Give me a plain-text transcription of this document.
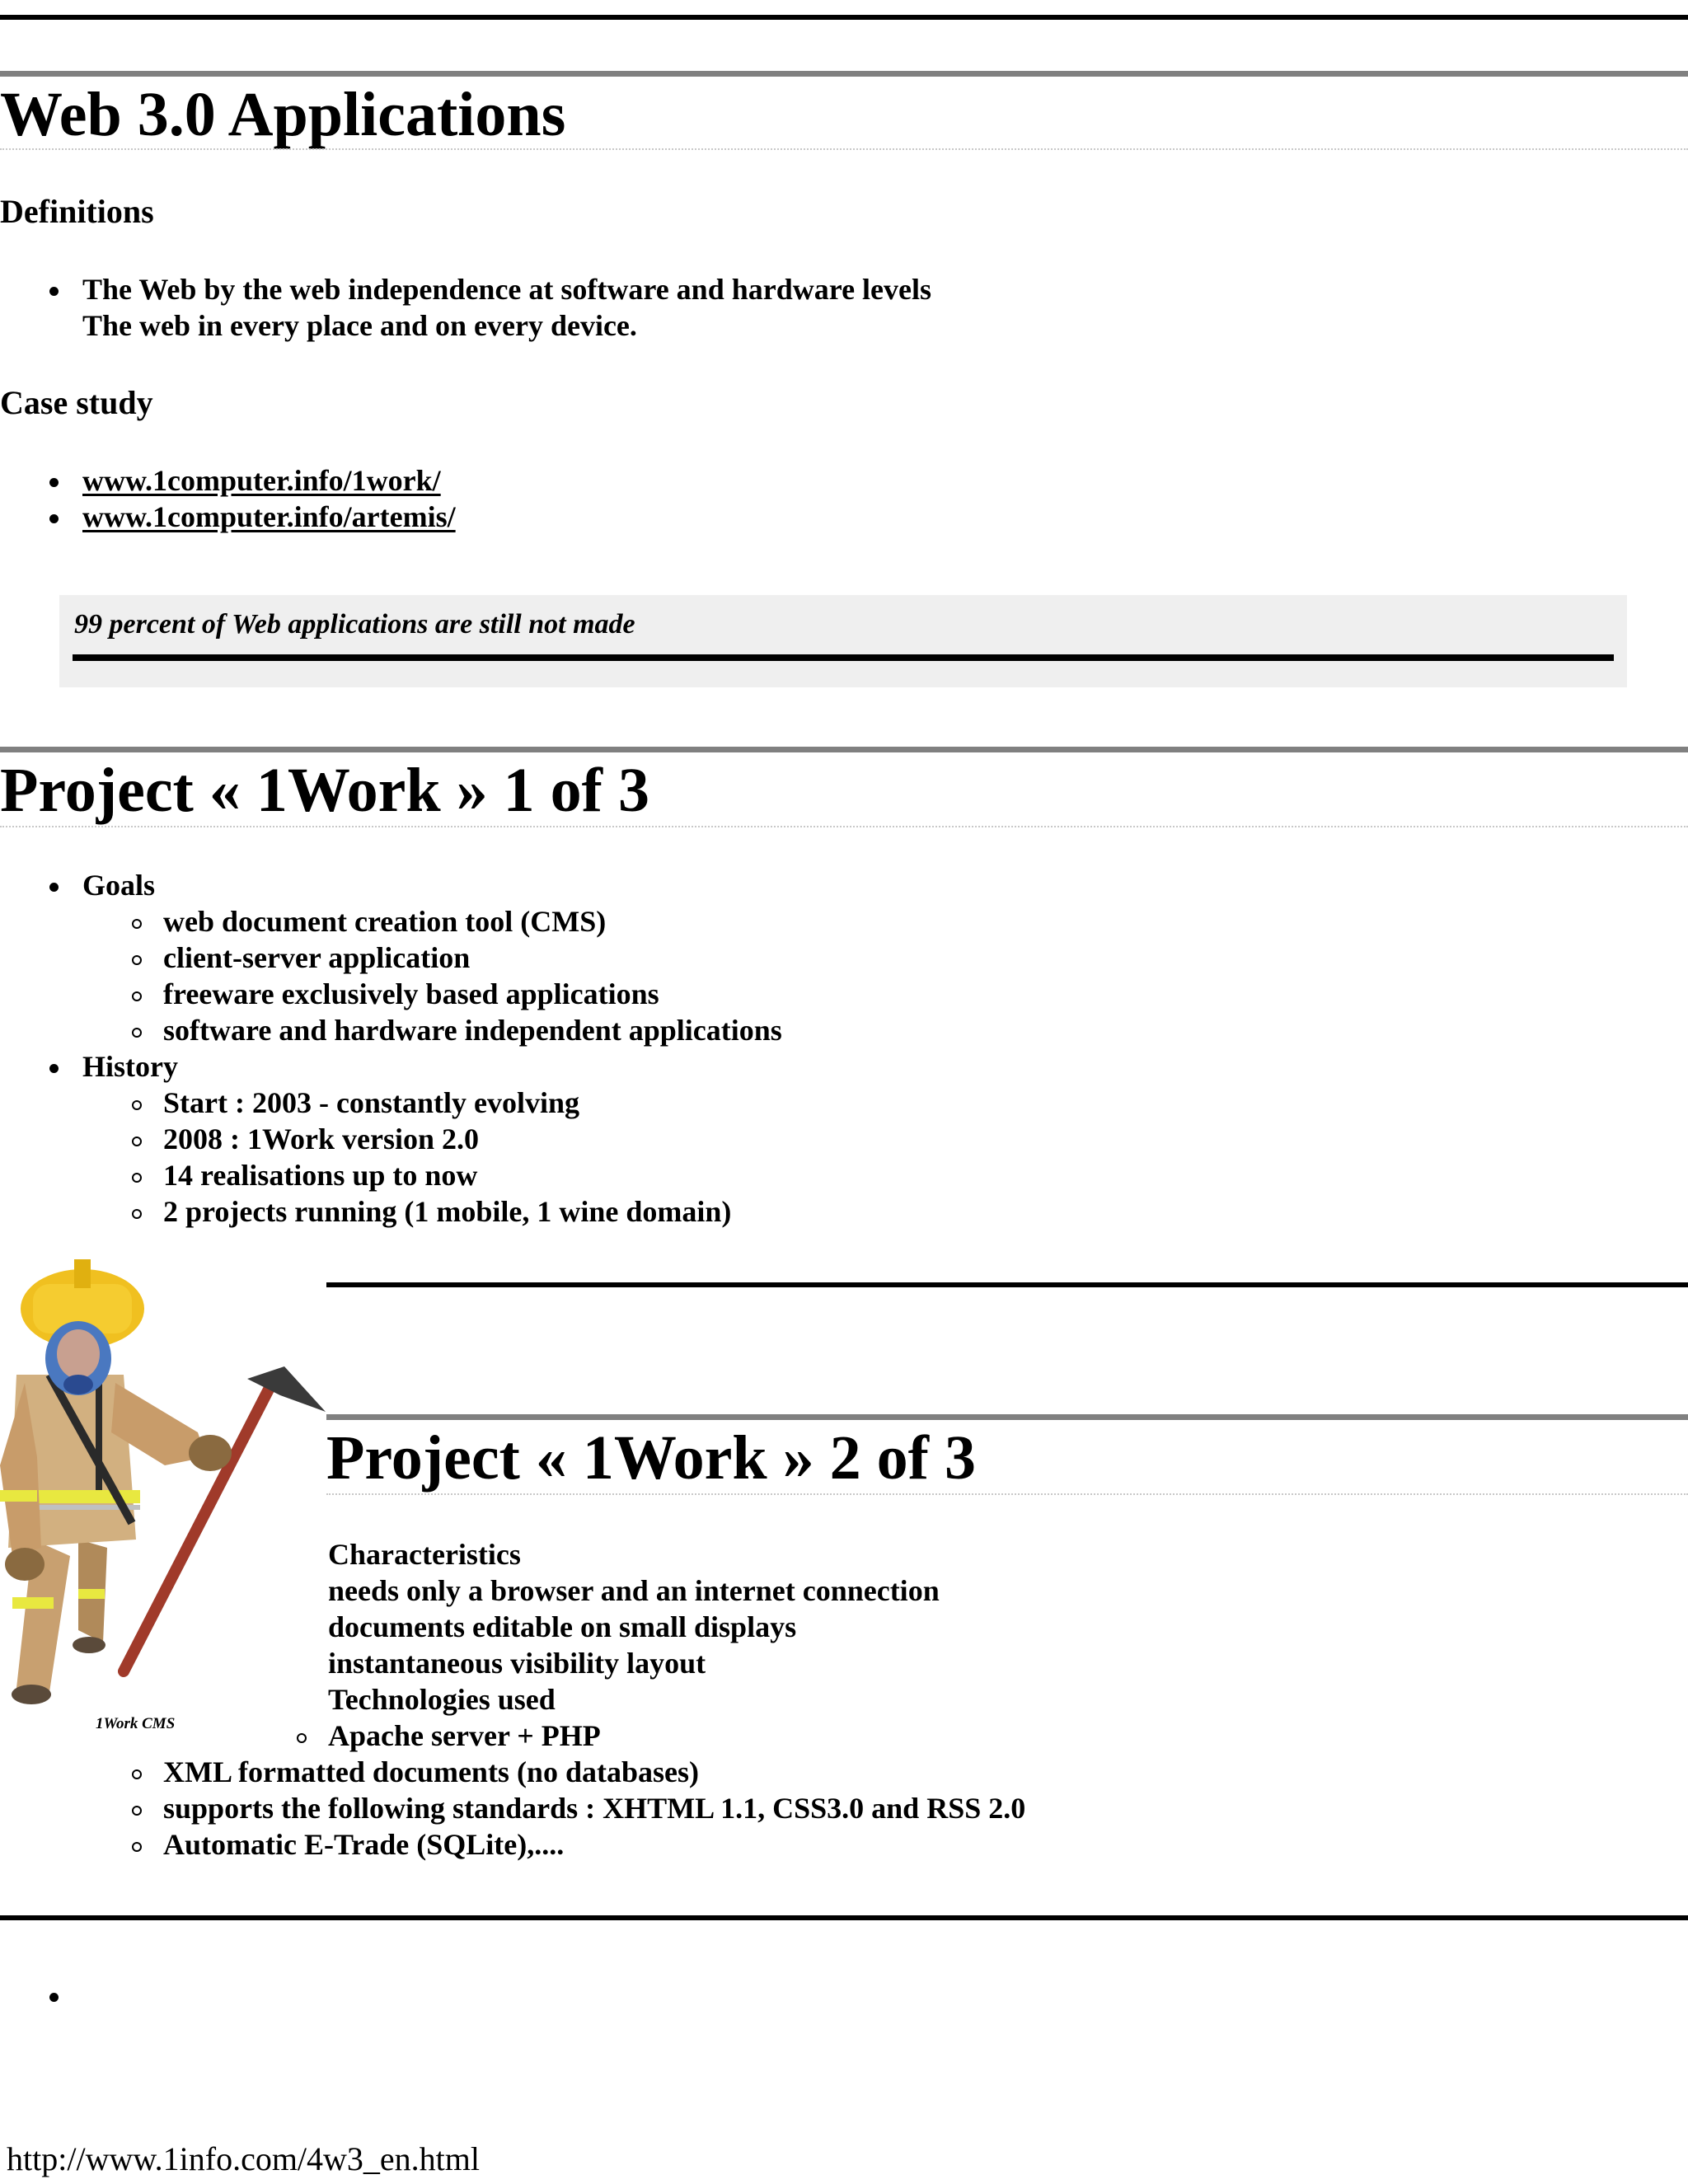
Web 3.0 Applications
Definitions
The Web by the web independence at software and hardware levels
The web in every place and on every device.
Case study
www.1computer.info/1work/
www.1computer.info/artemis/
99 percent of Web applications are still not made
Project « 1Work » 1 of 3
Goals
web document creation tool (CMS)
client-server application
freeware exclusively based applications
software and hardware independent applications
History
Start : 2003 - constantly evolving
2008 : 1Work version 2.0
14 realisations up to now
2 projects running (1 mobile, 1 wine domain)
1Work CMS
Project « 1Work » 2 of 3
Characteristics
needs only a browser and an internet connection
documents editable on small displays
instantaneous visibility layout
Technologies used
Apache server + PHP
XML formatted documents (no databases)
supports the following standards : XHTML 1.1, CSS3.0 and RSS 2.0
Automatic E-Trade (SQLite),....
http://www.1info.com/4w3_en.html
